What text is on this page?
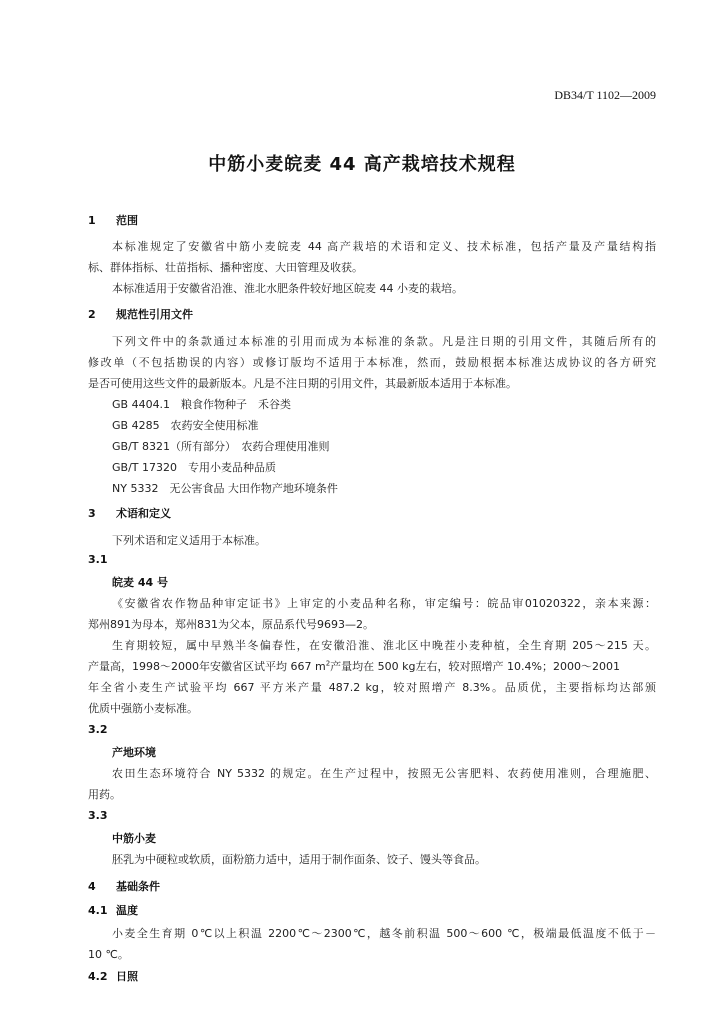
DB34/T 1102—2009
中筋小麦皖麦 44 高产栽培技术规程
1 范围
本标准规定了安徽省中筋小麦皖麦 44 高产栽培的术语和定义、技术标准，包括产量及产量结构指
标、群体指标、壮苗指标、播种密度、大田管理及收获。
本标准适用于安徽省沿淮、淮北水肥条件较好地区皖麦 44 小麦的栽培。
2 规范性引用文件
下列文件中的条款通过本标准的引用而成为本标准的条款。凡是注日期的引用文件，其随后所有的
修改单（不包括勘误的内容）或修订版均不适用于本标准，然而，鼓励根据本标准达成协议的各方研究
是否可使用这些文件的最新版本。凡是不注日期的引用文件，其最新版本适用于本标准。
GB 4404.1　粮食作物种子　禾谷类
GB 4285　农药安全使用标准
GB/T 8321（所有部分）　农药合理使用准则
GB/T 17320　专用小麦品种品质
NY 5332　无公害食品 大田作物产地环境条件
3 术语和定义
下列术语和定义适用于本标准。
3.1
皖麦 44 号
《安徽省农作物品种审定证书》上审定的小麦品种名称，审定编号：皖品审01020322，亲本来源：
郑州891为母本，郑州831为父本，原品系代号9693—2。
生育期较短，属中早熟半冬偏春性，在安徽沿淮、淮北区中晚茬小麦种植，全生育期 205～215 天。
产量高，1998～2000年安徽省区试平均 667 $m^2$产量均在 500 kg左右，较对照增产 10.4%；2000～2001
年全省小麦生产试验平均 667 平方米产量 487.2 kg，较对照增产 8.3%。品质优，主要指标均达部颁
优质中强筋小麦标准。
3.2
产地环境
农田生态环境符合 NY 5332 的规定。在生产过程中，按照无公害肥料、农药使用准则，合理施肥、
用药。
3.3
中筋小麦
胚乳为中硬粒或软质，面粉筋力适中，适用于制作面条、饺子、馒头等食品。
4 基础条件
4.1 温度
小麦全生育期 0℃以上积温 2200℃～2300℃，越冬前积温 500～600 ℃，极端最低温度不低于－
10 ℃。
4.2 日照
